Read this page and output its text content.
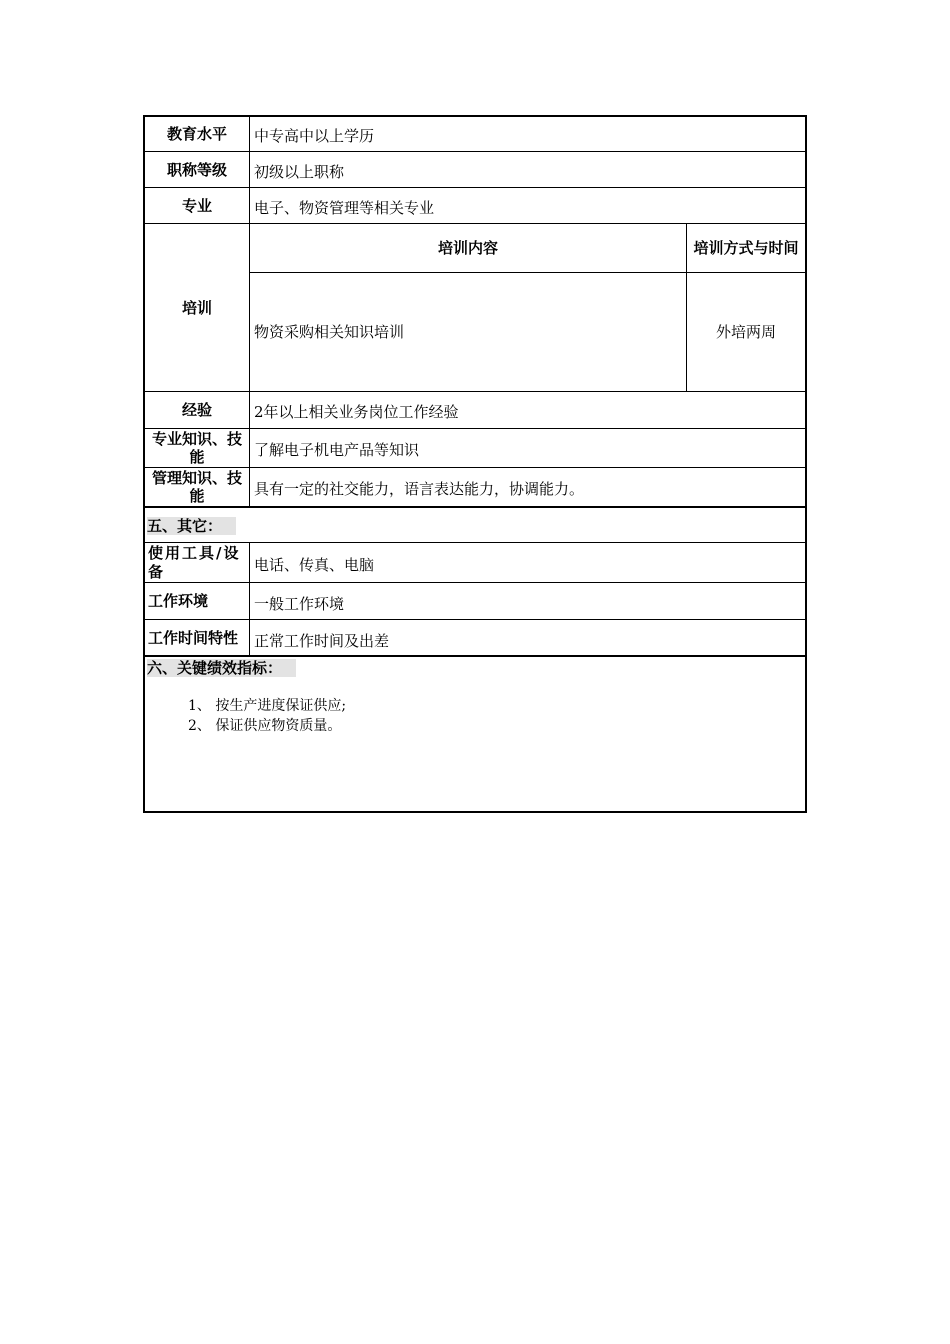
教育水平	中专高中以上学历
职称等级	初级以上职称
专业	电子、物资管理等相关专业
培训
培训内容	培训方式与时间
物资采购相关知识培训	外培两周
经验	2年以上相关业务岗位工作经验
专业知识、技能	了解电子机电产品等知识
管理知识、技能	具有一定的社交能力，语言表达能力，协调能力。
五、其它：
使用工具/设备	电话、传真、电脑
工作环境	一般工作环境
工作时间特性	正常工作时间及出差
六、关键绩效指标：
1、 按生产进度保证供应;
2、 保证供应物资质量。
